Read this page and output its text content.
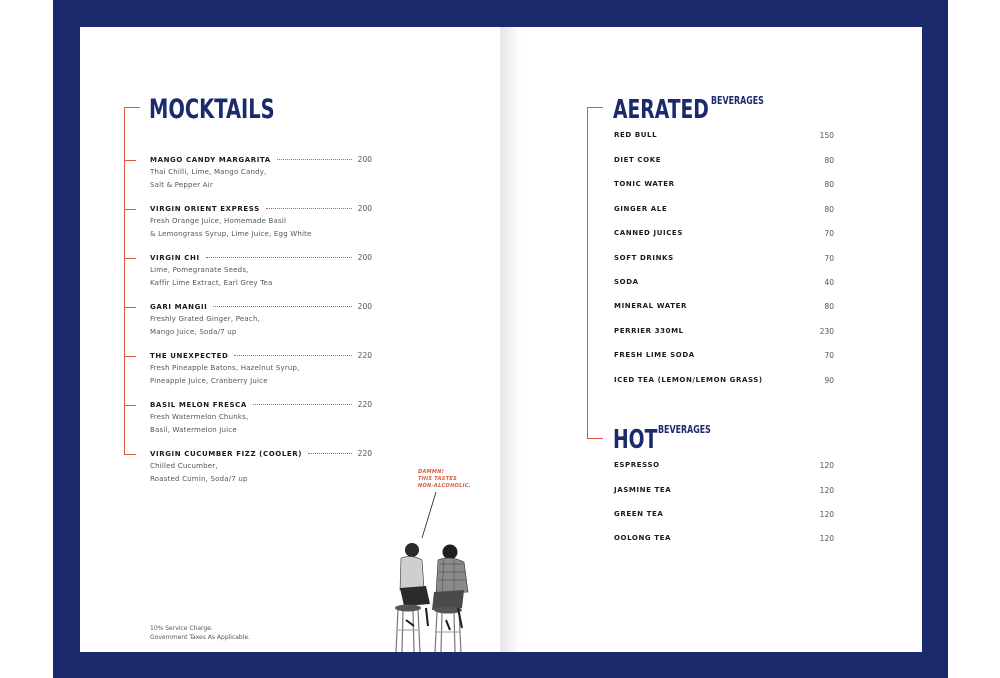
MOCKTAILS
MANGO CANDY MARGARITA	200
Thai Chilli, Lime, Mango Candy,
Salt & Pepper Air
VIRGIN ORIENT EXPRESS	200
Fresh Orange Juice, Homemade Basil
& Lemongrass Syrup, Lime Juice, Egg White
VIRGIN CHI	200
Lime, Pomegranate Seeds,
Kaffir Lime Extract, Earl Grey Tea
GARI MANGII	200
Freshly Grated Ginger, Peach,
Mango Juice, Soda/7 up
THE UNEXPECTED	220
Fresh Pineapple Batons, Hazelnut Syrup,
Pineapple Juice, Cranberry Juice
BASIL MELON FRESCA	220
Fresh Watermelon Chunks,
Basil, Watermelon Juice
VIRGIN CUCUMBER FIZZ (COOLER)	220
Chilled Cucumber,
Roasted Cumin, Soda/7 up
DAMMN!
THIS TASTES
NON-ALCOHOLIC.
10% Service Charge.
Government Taxes As Applicable.
AERATED BEVERAGES
RED BULL	150
DIET COKE	80
TONIC WATER	80
GINGER ALE	80
CANNED JUICES	70
SOFT DRINKS	70
SODA	40
MINERAL WATER	80
PERRIER 330ML	230
FRESH LIME SODA	70
ICED TEA (LEMON/LEMON GRASS)	90
HOT BEVERAGES
ESPRESSO	120
JASMINE TEA	120
GREEN TEA	120
OOLONG TEA	120
